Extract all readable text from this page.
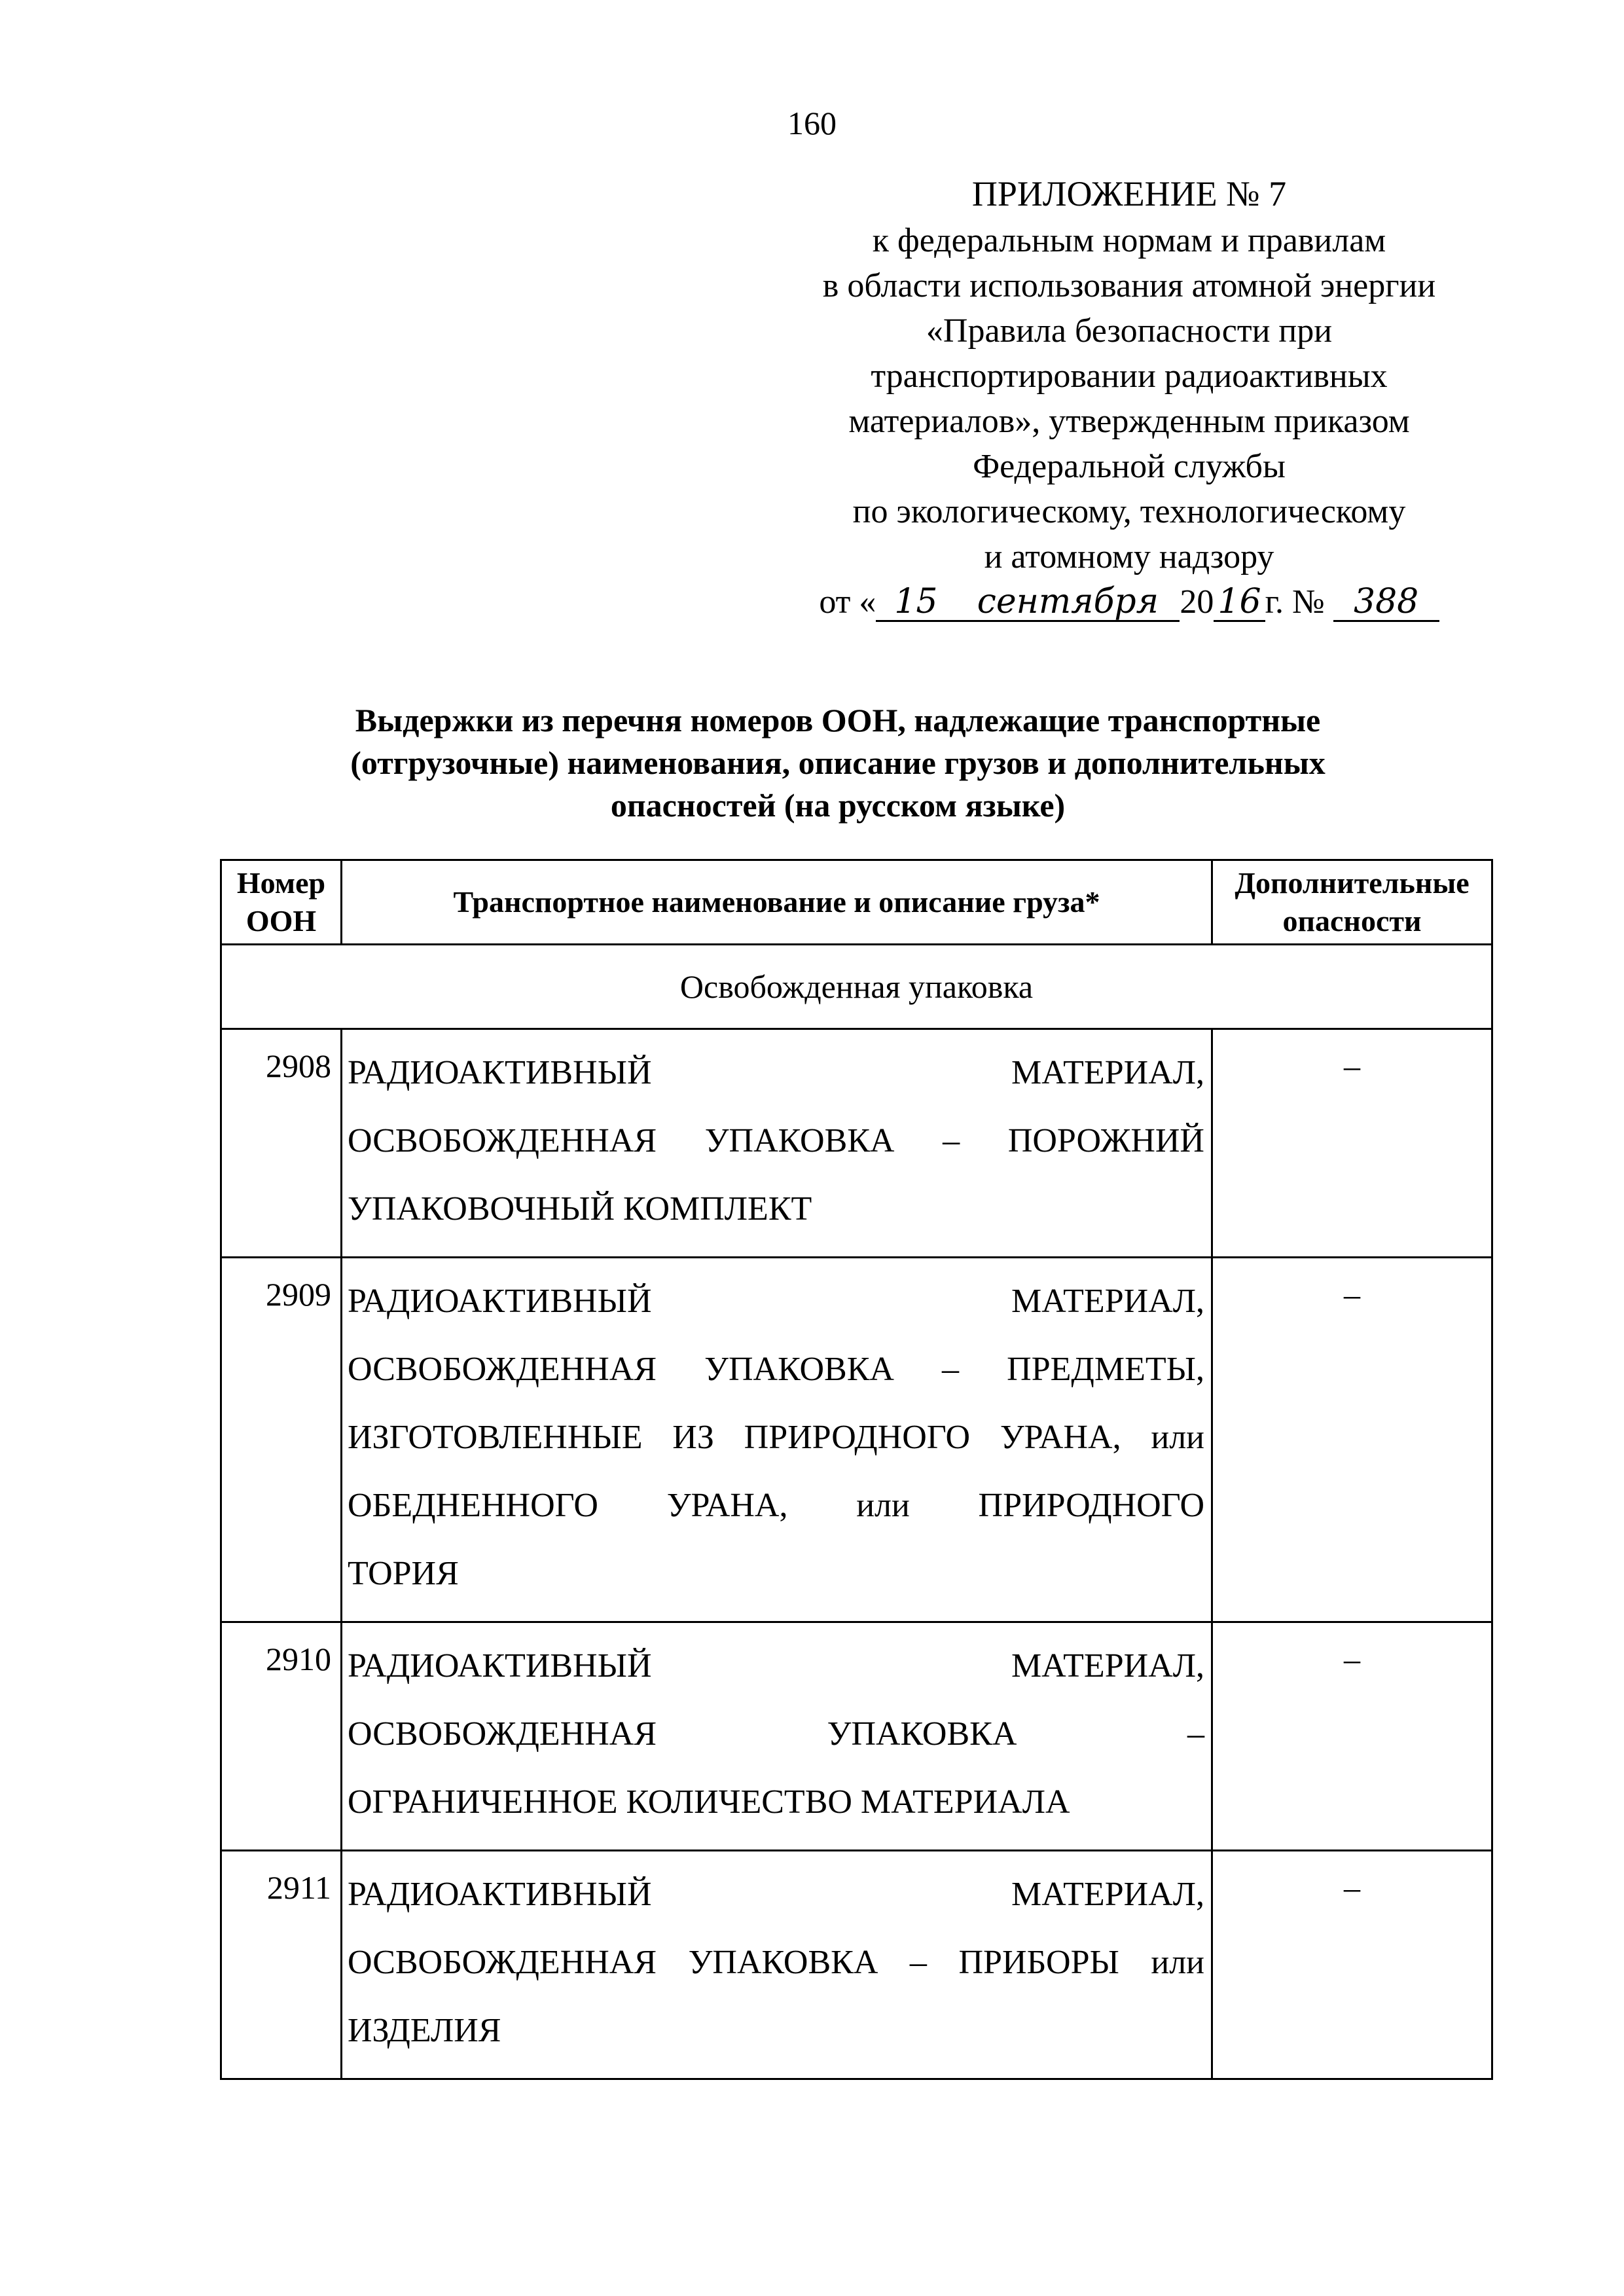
160
ПРИЛОЖЕНИЕ № 7
к федеральным нормам и правилам
в области использования атомной энергии
«Правила безопасности при
транспортировании радиоактивных
материалов», утвержденным приказом
Федеральной службы
по экологическому, технологическому
и атомному надзору
от « 15 сентября 20 16 г. № 388
Выдержки из перечня номеров ООН, надлежащие транспортные
(отгрузочные) наименования, описание грузов и дополнительных
опасностей (на русском языке)
Номер
ООН	Транспортное наименование и описание груза*	Дополнительные
опасности
Освобожденная упаковка		
2908	РАДИОАКТИВНЫЙ МАТЕРИАЛ,
ОСВОБОЖДЕННАЯ УПАКОВКА – ПОРОЖНИЙ
УПАКОВОЧНЫЙ КОМПЛЕКТ	–
2909	РАДИОАКТИВНЫЙ МАТЕРИАЛ,
ОСВОБОЖДЕННАЯ УПАКОВКА – ПРЕДМЕТЫ,
ИЗГОТОВЛЕННЫЕ ИЗ ПРИРОДНОГО УРАНА, или
ОБЕДНЕННОГО УРАНА, или ПРИРОДНОГО
ТОРИЯ	–
2910	РАДИОАКТИВНЫЙ МАТЕРИАЛ,
ОСВОБОЖДЕННАЯ УПАКОВКА –
ОГРАНИЧЕННОЕ КОЛИЧЕСТВО МАТЕРИАЛА	–
2911	РАДИОАКТИВНЫЙ МАТЕРИАЛ,
ОСВОБОЖДЕННАЯ УПАКОВКА – ПРИБОРЫ или
ИЗДЕЛИЯ	–
